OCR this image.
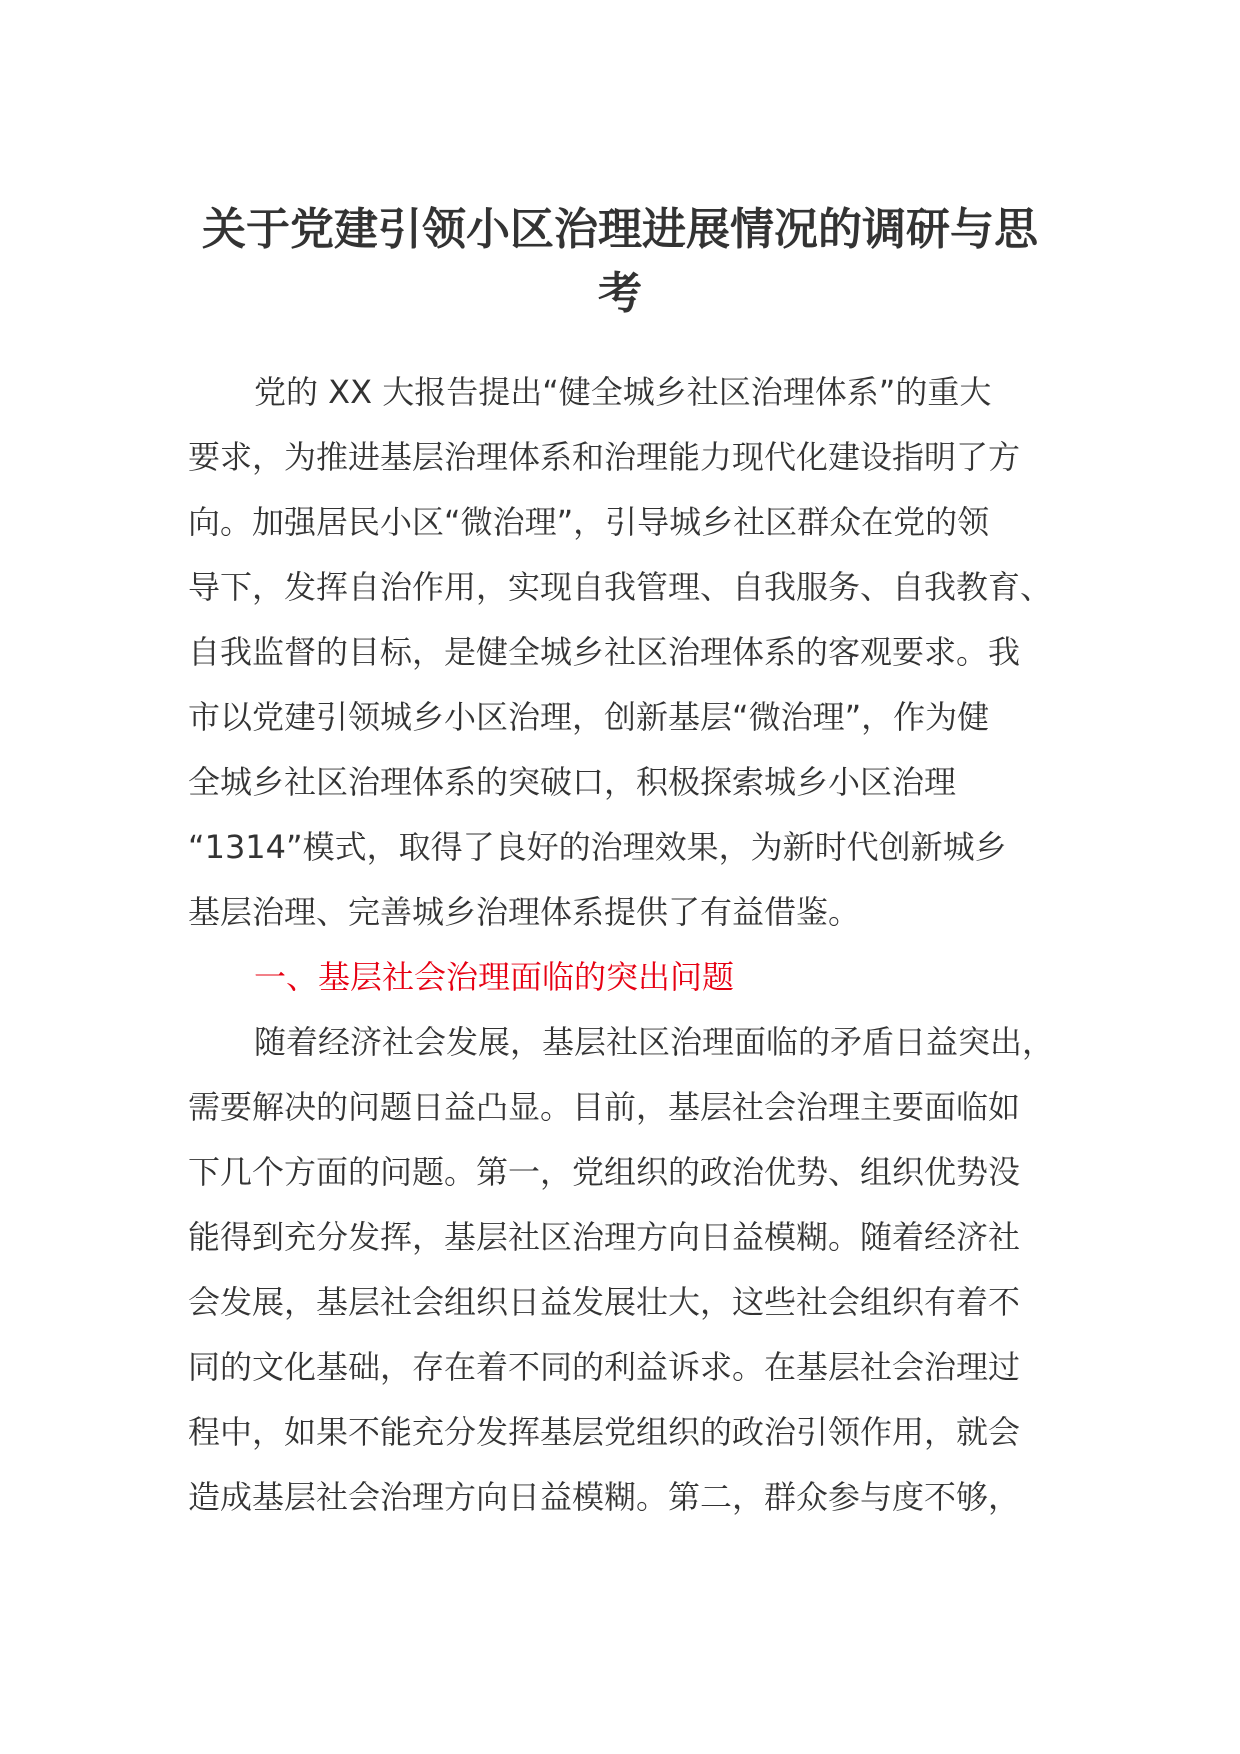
关于党建引领小区治理进展情况的调研与思
考
党的 XX 大报告提出“健全城乡社区治理体系”的重大
要求，为推进基层治理体系和治理能力现代化建设指明了方
向。加强居民小区“微治理”，引导城乡社区群众在党的领
导下，发挥自治作用，实现自我管理、自我服务、自我教育、
自我监督的目标，是健全城乡社区治理体系的客观要求。我
市以党建引领城乡小区治理，创新基层“微治理”，作为健
全城乡社区治理体系的突破口，积极探索城乡小区治理
“1314”模式，取得了良好的治理效果，为新时代创新城乡
基层治理、完善城乡治理体系提供了有益借鉴。
一、基层社会治理面临的突出问题
随着经济社会发展，基层社区治理面临的矛盾日益突出，
需要解决的问题日益凸显。目前，基层社会治理主要面临如
下几个方面的问题。第一，党组织的政治优势、组织优势没
能得到充分发挥，基层社区治理方向日益模糊。随着经济社
会发展，基层社会组织日益发展壮大，这些社会组织有着不
同的文化基础，存在着不同的利益诉求。在基层社会治理过
程中，如果不能充分发挥基层党组织的政治引领作用，就会
造成基层社会治理方向日益模糊。第二，群众参与度不够，
